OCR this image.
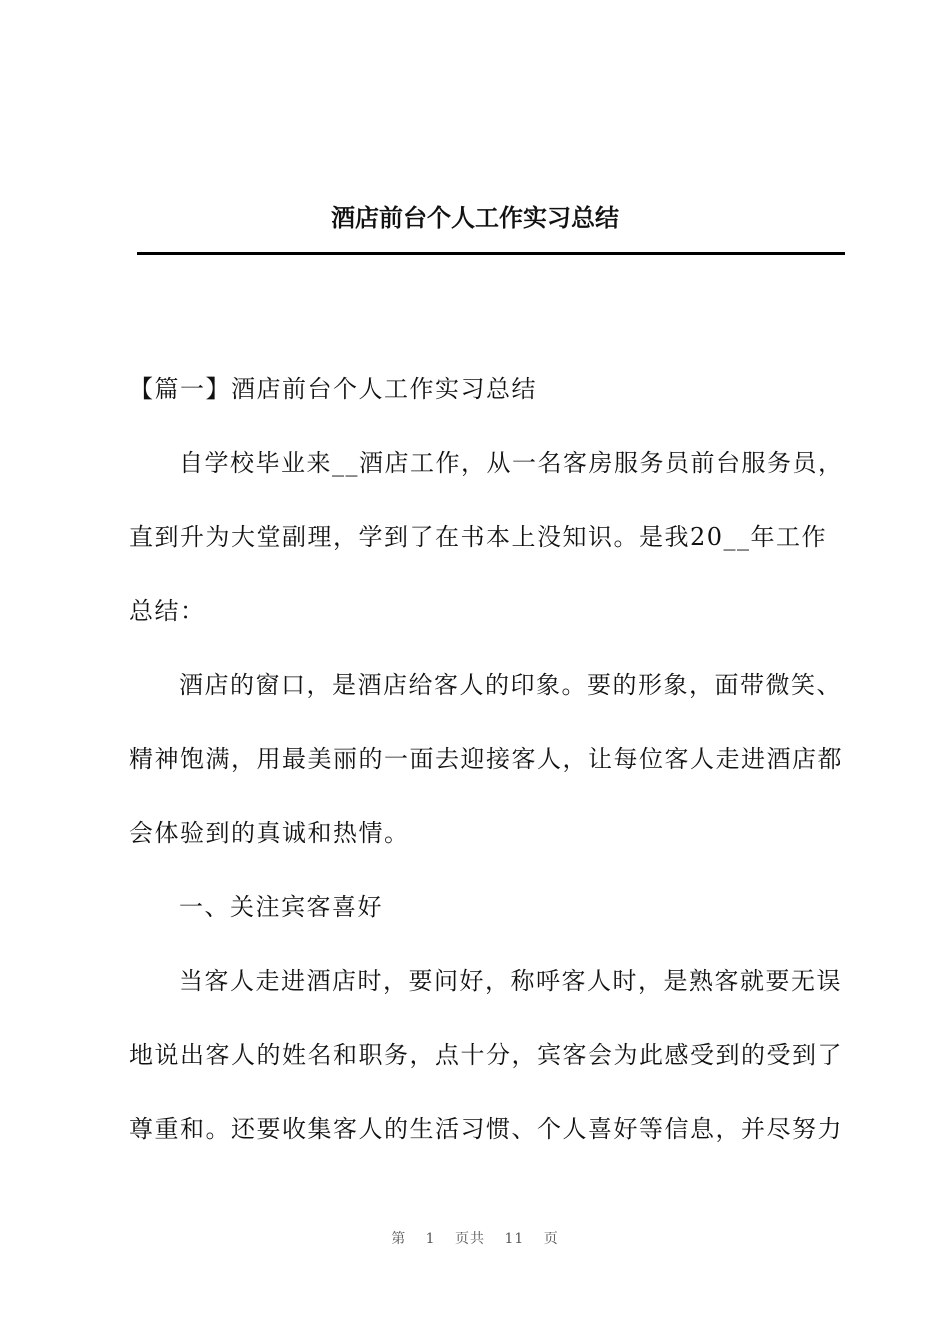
酒店前台个人工作实习总结
【篇一】酒店前台个人工作实习总结
自学校毕业来__酒店工作，从一名客房服务员前台服务员，
直到升为大堂副理，学到了在书本上没知识。是我20__年工作
总结：
酒店的窗口，是酒店给客人的印象。要的形象，面带微笑、
精神饱满，用最美丽的一面去迎接客人，让每位客人走进酒店都
会体验到的真诚和热情。
一、关注宾客喜好
当客人走进酒店时，要问好，称呼客人时，是熟客就要无误
地说出客人的姓名和职务，点十分，宾客会为此感受到的受到了
尊重和。还要收集客人的生活习惯、个人喜好等信息，并尽努力
第 1 页共 11 页
